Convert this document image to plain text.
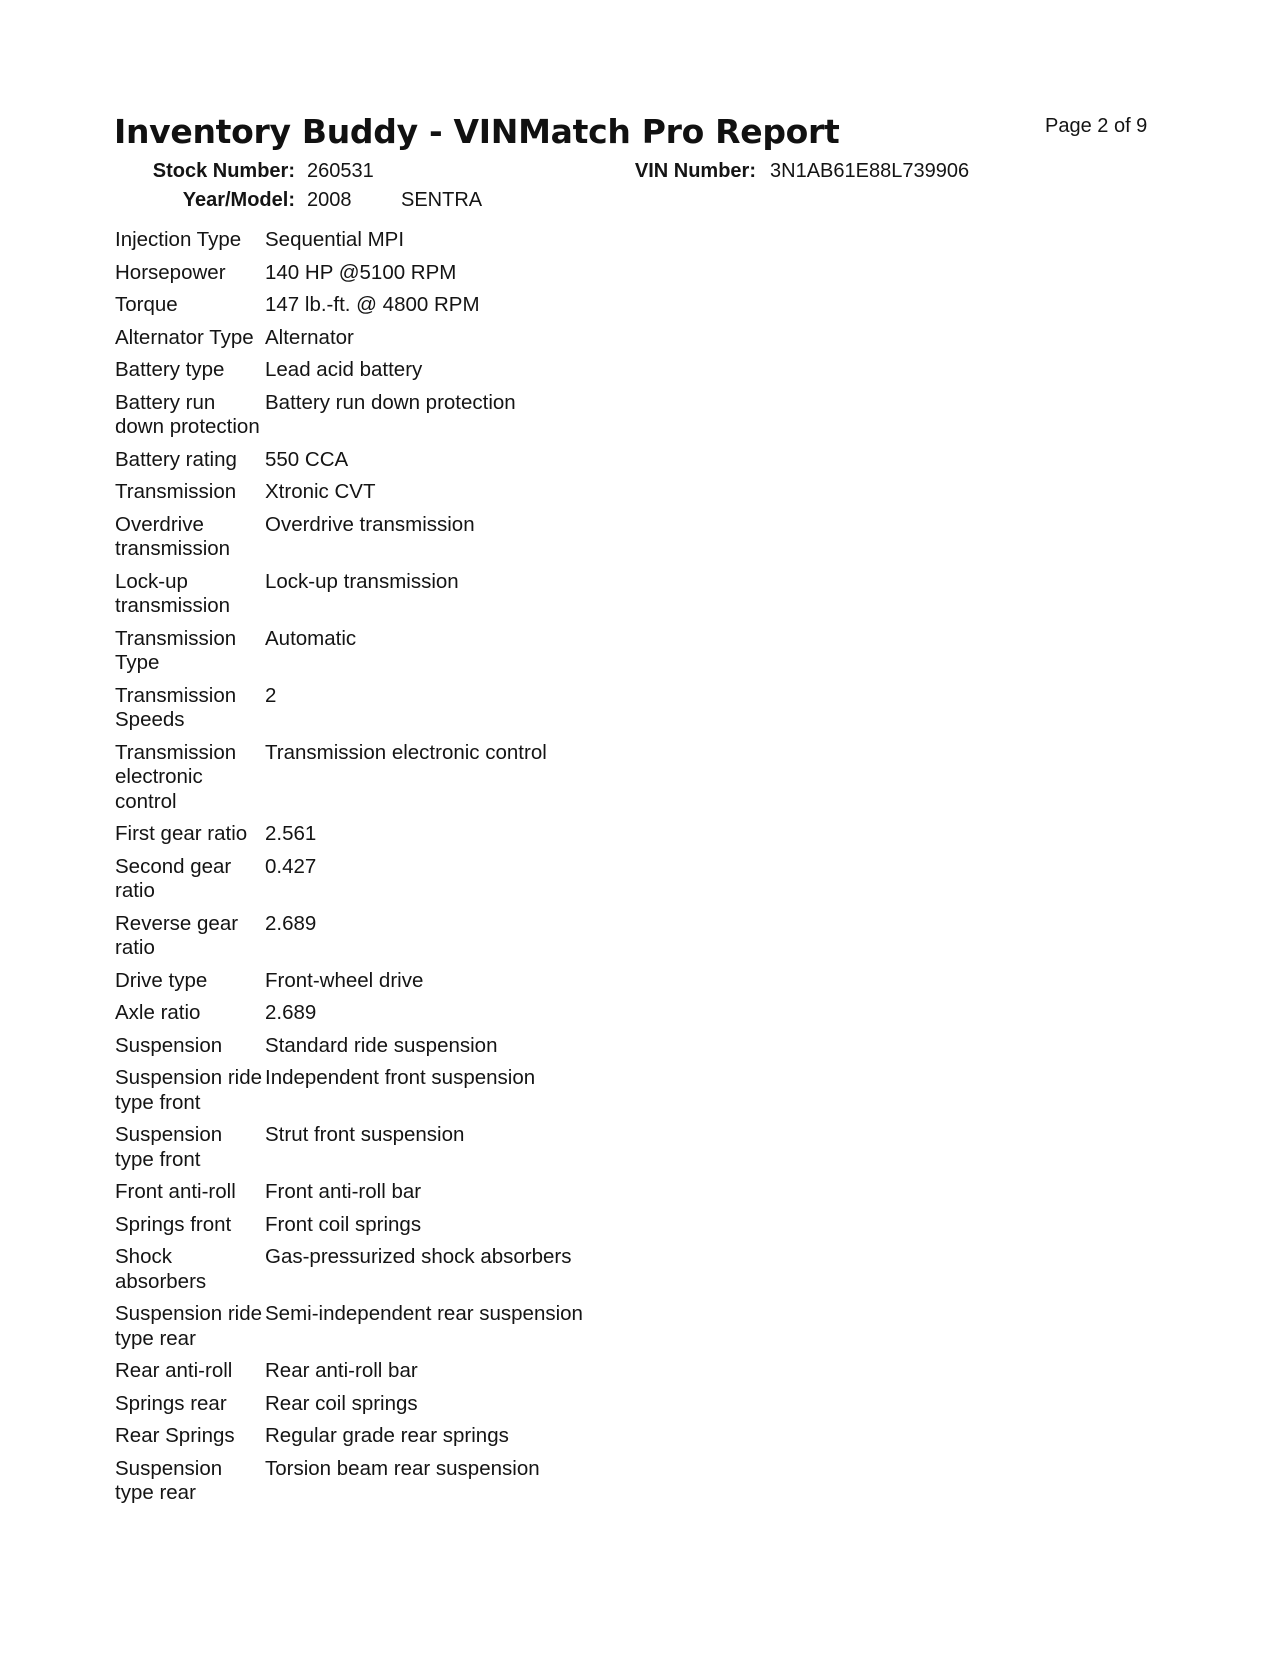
Inventory Buddy - VINMatch Pro Report	Page 2 of 9
Stock Number: 260531	VIN Number: 3N1AB61E88L739906
Year/Model: 2008 SENTRA
Injection Type	Sequential MPI
Horsepower	140 HP @5100 RPM
Torque	147 lb.-ft. @ 4800 RPM
Alternator Type	Alternator
Battery type	Lead acid battery
Battery run down protection	Battery run down protection
Battery rating	550 CCA
Transmission	Xtronic CVT
Overdrive transmission	Overdrive transmission
Lock-up transmission	Lock-up transmission
Transmission Type	Automatic
Transmission Speeds	2
Transmission electronic control	Transmission electronic control
First gear ratio	2.561
Second gear ratio	0.427
Reverse gear ratio	2.689
Drive type	Front-wheel drive
Axle ratio	2.689
Suspension	Standard ride suspension
Suspension ride type front	Independent front suspension
Suspension type front	Strut front suspension
Front anti-roll	Front anti-roll bar
Springs front	Front coil springs
Shock absorbers	Gas-pressurized shock absorbers
Suspension ride type rear	Semi-independent rear suspension
Rear anti-roll	Rear anti-roll bar
Springs rear	Rear coil springs
Rear Springs	Regular grade rear springs
Suspension type rear	Torsion beam rear suspension
